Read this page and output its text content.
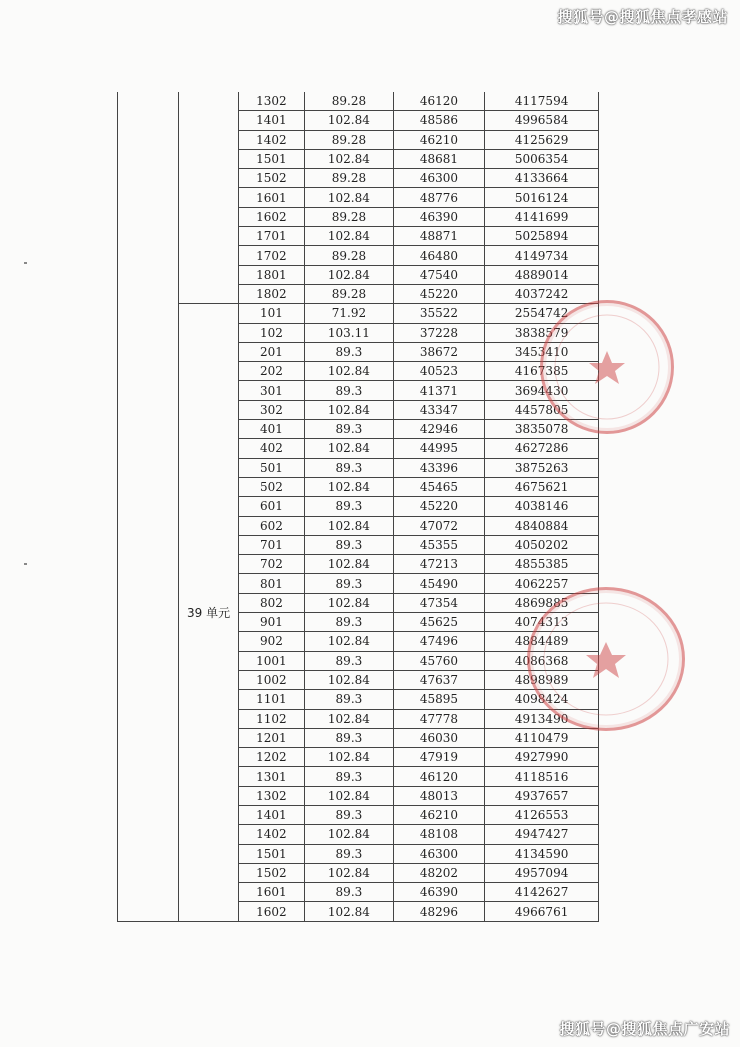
搜狐号@搜狐焦点孝感站
		1302	89.28	46120	4117594
		1401	102.84	48586	4996584
		1402	89.28	46210	4125629
		1501	102.84	48681	5006354
		1502	89.28	46300	4133664
		1601	102.84	48776	5016124
		1602	89.28	46390	4141699
		1701	102.84	48871	5025894
		1702	89.28	46480	4149734
		1801	102.84	47540	4889014
		1802	89.28	45220	4037242
	39 单元	101	71.92	35522	2554742
		102	103.11	37228	3838579
		201	89.3	38672	3453410
		202	102.84	40523	4167385
		301	89.3	41371	3694430
		302	102.84	43347	4457805
		401	89.3	42946	3835078
		402	102.84	44995	4627286
		501	89.3	43396	3875263
		502	102.84	45465	4675621
		601	89.3	45220	4038146
		602	102.84	47072	4840884
		701	89.3	45355	4050202
		702	102.84	47213	4855385
		801	89.3	45490	4062257
		802	102.84	47354	4869885
		901	89.3	45625	4074313
		902	102.84	47496	4884489
		1001	89.3	45760	4086368
		1002	102.84	47637	4898989
		1101	89.3	45895	4098424
		1102	102.84	47778	4913490
		1201	89.3	46030	4110479
		1202	102.84	47919	4927990
		1301	89.3	46120	4118516
		1302	102.84	48013	4937657
		1401	89.3	46210	4126553
		1402	102.84	48108	4947427
		1501	89.3	46300	4134590
		1502	102.84	48202	4957094
		1601	89.3	46390	4142627
		1602	102.84	48296	4966761
搜狐号@搜狐焦点广安站
